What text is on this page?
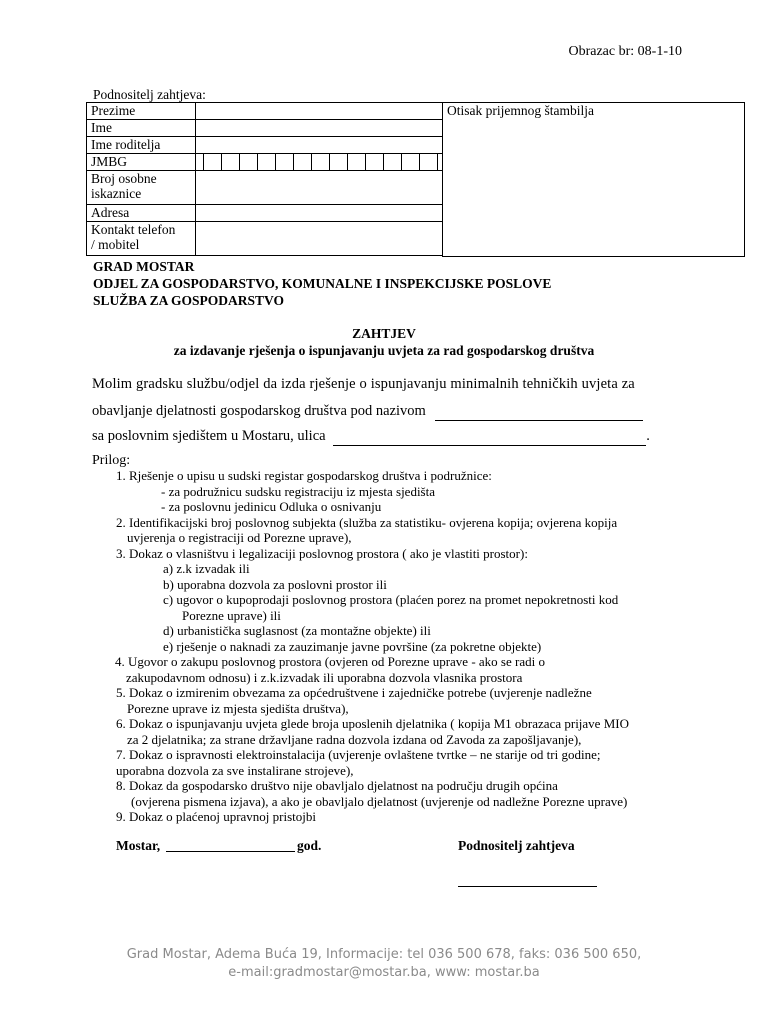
Obrazac br: 08-1-10
Podnositelj zahtjeva:
Prezime		Otisak prijemnog štambilja
Ime		
Ime roditelja		
JMBG		

Broj osobne
iskaznice		

Adresa		

Kontakt telefon
/ mobitel		

GRAD MOSTAR
ODJEL ZA GOSPODARSTVO, KOMUNALNE I INSPEKCIJSKE POSLOVE
SLUŽBA ZA GOSPODARSTVO
ZAHTJEV
za izdavanje rješenja o ispunjavanju uvjeta za rad gospodarskog društva
Molim gradsku službu/odjel da izda rješenje o ispunjavanju minimalnih tehničkih uvjeta za
obavljanje djelatnosti gospodarskog društva pod nazivom
sa poslovnim sjedištem u Mostaru, ulica	.
Prilog:
1. Rješenje o upisu u sudski registar gospodarskog društva i podružnice:
- za podružnicu sudsku registraciju iz mjesta sjedišta
- za poslovnu jedinicu Odluka o osnivanju
2. Identifikacijski broj poslovnog subjekta (služba za statistiku- ovjerena kopija; ovjerena kopija
uvjerenja o registraciji od Porezne uprave),
3. Dokaz o vlasništvu i legalizaciji poslovnog prostora ( ako je vlastiti prostor):
a) z.k izvadak ili
b) uporabna dozvola za poslovni prostor ili
c) ugovor o kupoprodaji poslovnog prostora (plaćen porez na promet nepokretnosti kod
Porezne uprave) ili
d) urbanistička suglasnost (za montažne objekte) ili
e) rješenje o naknadi za zauzimanje javne površine (za pokretne objekte)
4. Ugovor o zakupu poslovnog prostora (ovjeren od Porezne uprave - ako se radi o
zakupodavnom odnosu) i z.k.izvadak ili uporabna dozvola vlasnika prostora
5. Dokaz o izmirenim obvezama za općedruštvene i zajedničke potrebe (uvjerenje nadležne
Porezne uprave iz mjesta sjedišta društva),
6. Dokaz o ispunjavanju uvjeta glede broja uposlenih djelatnika ( kopija M1 obrazaca prijave MIO
za 2 djelatnika; za strane državljane radna dozvola izdana od Zavoda za zapošljavanje),
7. Dokaz o ispravnosti elektroinstalacija (uvjerenje ovlaštene tvrtke – ne starije od tri godine;
uporabna dozvola za sve instalirane strojeve),
8. Dokaz da gospodarsko društvo nije obavljalo djelatnost na području drugih općina
(ovjerena pismena izjava), a ako je obavljalo djelatnost (uvjerenje od nadležne Porezne uprave)
9. Dokaz o plaćenoj upravnoj pristojbi
Mostar,	god.	Podnositelj zahtjeva
Grad Mostar, Adema Buća 19, Informacije: tel 036 500 678, faks: 036 500 650,
e-mail:gradmostar@mostar.ba, www: mostar.ba
